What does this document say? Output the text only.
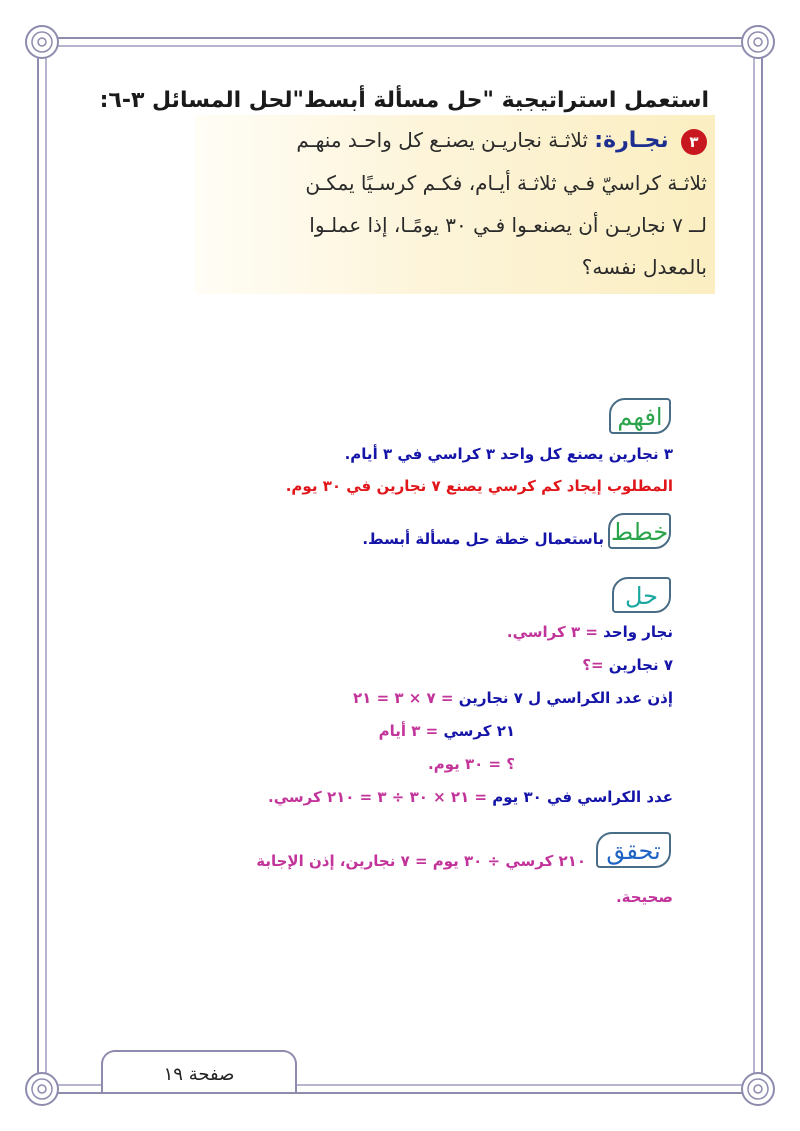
استعمل استراتيجية "حل مسألة أبسط"لحل المسائل ٣-٦:
٣ نجـارة: ثلاثـة نجاريـن يصنـع كل واحـد منهـم
ثلاثـة كراسيّ فـي ثلاثـة أيـام، فكـم كرسـيًا يمكـن
لــ ٧ نجاريـن أن يصنعـوا فـي ٣٠ يومًـا، إذا عملـوا
بالمعدل نفسه؟
افهم
٣ نجارين يصنع كل واحد ٣ كراسي في ٣ أيام.
المطلوب إيجاد كم كرسي يصنع ٧ نجارين في ٣٠ يوم.
خطط
باستعمال خطة حل مسألة أبسط.
حل
نجار واحد = ٣ كراسي.
٧ نجارين =؟
إذن عدد الكراسي ل ٧ نجارين = ٧ × ٣ = ٢١
٢١ كرسي = ٣ أيام
؟ = ٣٠ يوم.
عدد الكراسي في ٣٠ يوم = ٢١ × ٣٠ ÷ ٣ = ٢١٠ كرسي.
تحقق
٢١٠ كرسي ÷ ٣٠ يوم = ٧ نجارين، إذن الإجابة
صحيحة.
صفحة ١٩
